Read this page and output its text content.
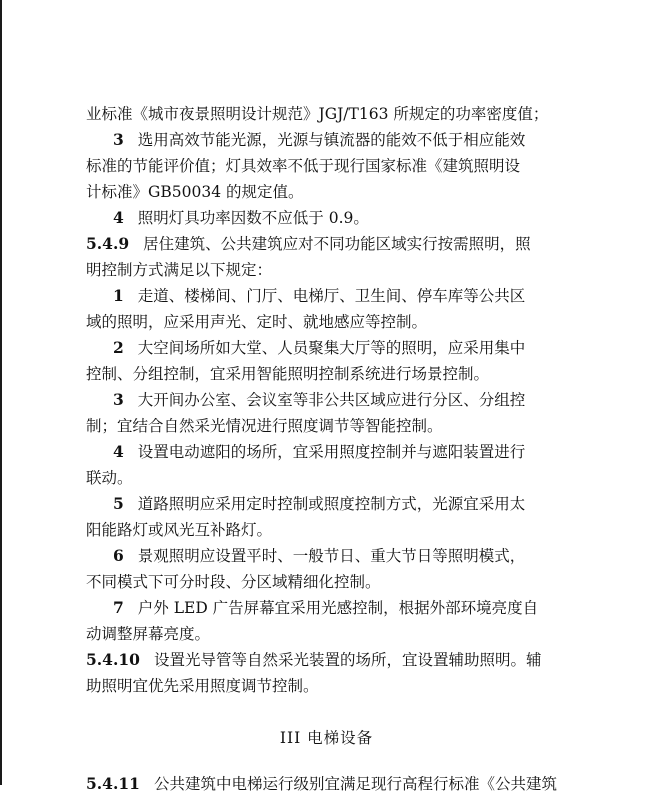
业标准《城市夜景照明设计规范》JGJ/T163 所规定的功率密度值；
3 选用高效节能光源，光源与镇流器的能效不低于相应能效
标准的节能评价值；灯具效率不低于现行国家标准《建筑照明设
计标准》GB50034 的规定值。
4 照明灯具功率因数不应低于 0.9。
5.4.9 居住建筑、公共建筑应对不同功能区域实行按需照明，照
明控制方式满足以下规定：
1 走道、楼梯间、门厅、电梯厅、卫生间、停车库等公共区
域的照明，应采用声光、定时、就地感应等控制。
2 大空间场所如大堂、人员聚集大厅等的照明，应采用集中
控制、分组控制，宜采用智能照明控制系统进行场景控制。
3 大开间办公室、会议室等非公共区域应进行分区、分组控
制；宜结合自然采光情况进行照度调节等智能控制。
4 设置电动遮阳的场所，宜采用照度控制并与遮阳装置进行
联动。
5 道路照明应采用定时控制或照度控制方式，光源宜采用太
阳能路灯或风光互补路灯。
6 景观照明应设置平时、一般节日、重大节日等照明模式，
不同模式下可分时段、分区域精细化控制。
7 户外 LED 广告屏幕宜采用光感控制，根据外部环境亮度自
动调整屏幕亮度。
5.4.10 设置光导管等自然采光装置的场所，宜设置辅助照明。辅
助照明宜优先采用照度调节控制。
III 电梯设备
5.4.11 公共建筑中电梯运行级别宜满足现行高程行标准《公共建筑
